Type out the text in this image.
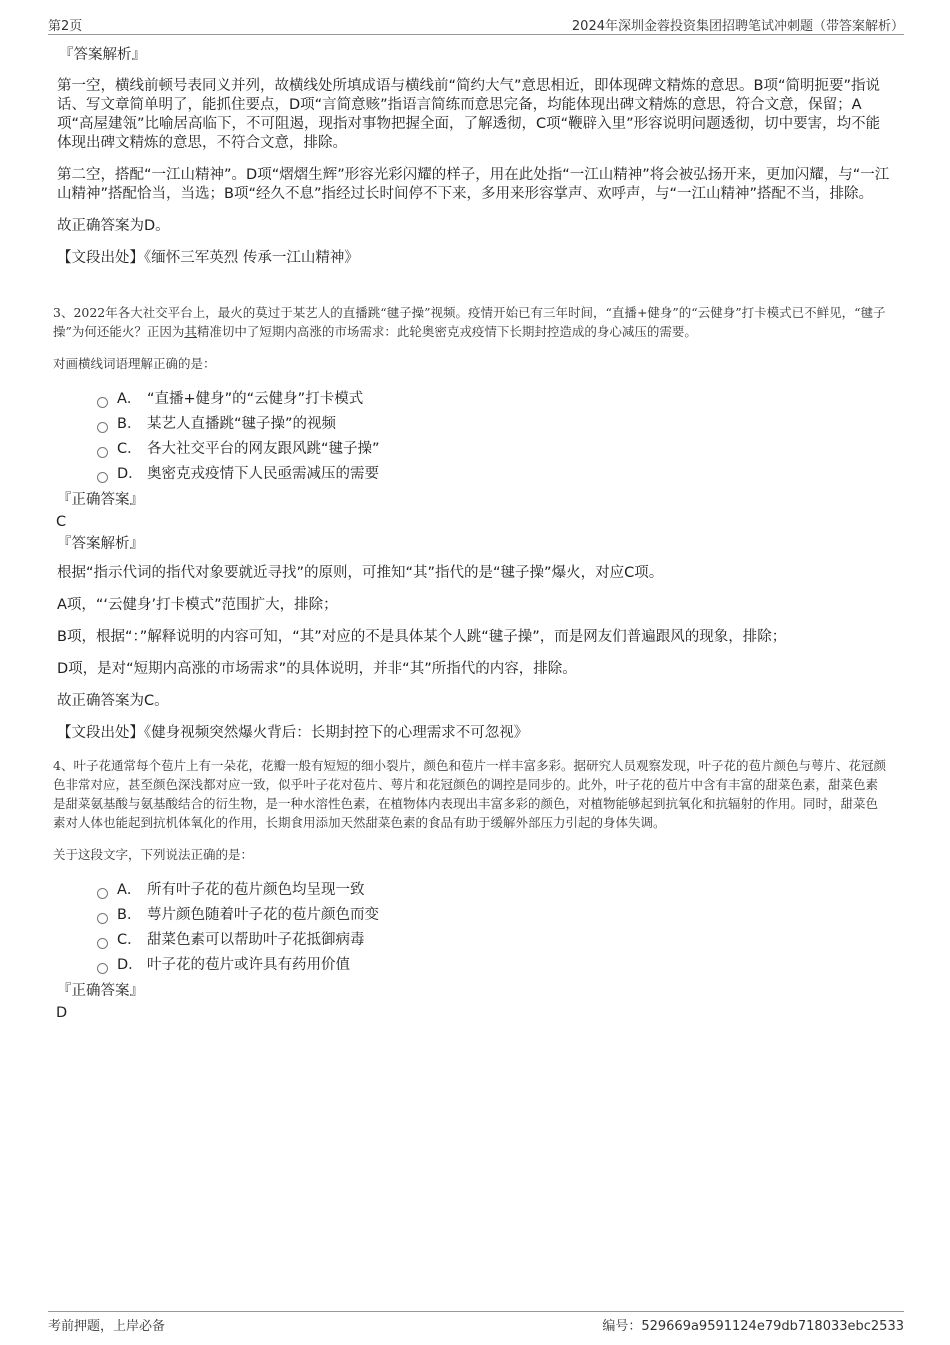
第2页	2024年深圳金蓉投资集团招聘笔试冲刺题（带答案解析）
『答案解析』
第一空，横线前顿号表同义并列，故横线处所填成语与横线前“简约大气”意思相近，即体现碑文精炼的意思。B项“简明扼要”指说话、写文章简单明了，能抓住要点，D项“言简意赅”指语言简练而意思完备，均能体现出碑文精炼的意思，符合文意，保留；A项“高屋建瓴”比喻居高临下，不可阻遏，现指对事物把握全面，了解透彻，C项“鞭辟入里”形容说明问题透彻，切中要害，均不能体现出碑文精炼的意思，不符合文意，排除。
第二空，搭配“一江山精神”。D项“熠熠生辉”形容光彩闪耀的样子，用在此处指“一江山精神”将会被弘扬开来，更加闪耀，与“一江山精神”搭配恰当，当选；B项“经久不息”指经过长时间停不下来，多用来形容掌声、欢呼声，与“一江山精神”搭配不当，排除。
故正确答案为D。
【文段出处】《缅怀三军英烈 传承一江山精神》
3、2022年各大社交平台上，最火的莫过于某艺人的直播跳“毽子操”视频。疫情开始已有三年时间，“直播+健身”的“云健身”打卡模式已不鲜见，“毽子操”为何还能火？正因为其精准切中了短期内高涨的市场需求：此轮奥密克戎疫情下长期封控造成的身心减压的需要。
对画横线词语理解正确的是：
A． “直播+健身”的“云健身”打卡模式
B． 某艺人直播跳“毽子操”的视频
C． 各大社交平台的网友跟风跳“毽子操”
D． 奥密克戎疫情下人民亟需减压的需要
『正确答案』
C
『答案解析』
根据“指示代词的指代对象要就近寻找”的原则，可推知“其”指代的是“毽子操”爆火，对应C项。
A项，“‘云健身’打卡模式”范围扩大，排除；
B项，根据“：”解释说明的内容可知，“其”对应的不是具体某个人跳“毽子操”，而是网友们普遍跟风的现象，排除；
D项，是对“短期内高涨的市场需求”的具体说明，并非“其”所指代的内容，排除。
故正确答案为C。
【文段出处】《健身视频突然爆火背后：长期封控下的心理需求不可忽视》
4、叶子花通常每个苞片上有一朵花，花瓣一般有短短的细小裂片，颜色和苞片一样丰富多彩。据研究人员观察发现，叶子花的苞片颜色与萼片、花冠颜色非常对应，甚至颜色深浅都对应一致，似乎叶子花对苞片、萼片和花冠颜色的调控是同步的。此外，叶子花的苞片中含有丰富的甜菜色素，甜菜色素是甜菜氨基酸与氨基酸结合的衍生物，是一种水溶性色素，在植物体内表现出丰富多彩的颜色，对植物能够起到抗氧化和抗辐射的作用。同时，甜菜色素对人体也能起到抗机体氧化的作用，长期食用添加天然甜菜色素的食品有助于缓解外部压力引起的身体失调。
关于这段文字，下列说法正确的是：
A． 所有叶子花的苞片颜色均呈现一致
B． 萼片颜色随着叶子花的苞片颜色而变
C． 甜菜色素可以帮助叶子花抵御病毒
D． 叶子花的苞片或许具有药用价值
『正确答案』
D
考前押题，上岸必备	编号：529669a9591124e79db718033ebc2533
